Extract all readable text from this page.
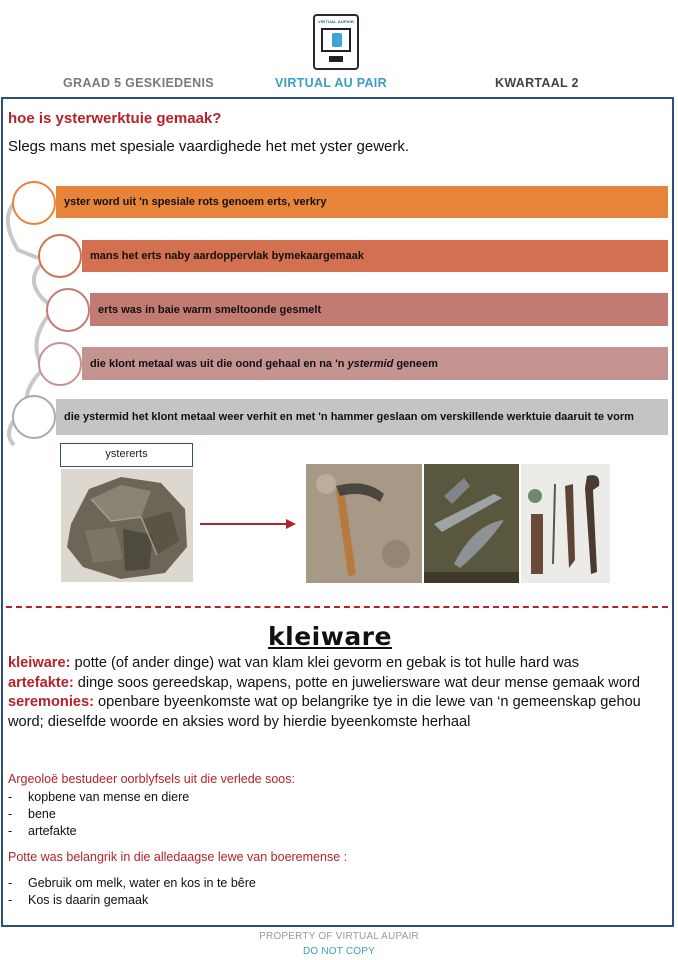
VIRTUAL AUPAIR
GRAAD 5 GESKIEDENIS	VIRTUAL AU PAIR	KWARTAAL 2
hoe is ysterwerktuie gemaak?
Slegs mans met spesiale vaardighede het met yster gewerk.
yster word uit 'n spesiale rots genoem erts, verkry
mans het erts naby aardoppervlak bymekaargemaak
erts was in baie warm smeltoonde gesmelt
die klont metaal was uit die oond gehaal en na 'n ystermid geneem
die ystermid het klont metaal weer verhit en met 'n hammer geslaan om verskillende werktuie daaruit te vorm
ystererts
kleiware
kleiware: potte (of ander dinge) wat van klam klei gevorm en gebak is tot hulle hard was
artefakte: dinge soos gereedskap, wapens, potte en juweliersware wat deur mense gemaak word
seremonies: openbare byeenkomste wat op belangrike tye in die lewe van ‘n gemeenskap gehou word; dieselfde woorde en aksies word by hierdie byeenkomste herhaal
Argeoloë bestudeer oorblyfsels uit die verlede soos:
-	kopbene van mense en diere
-	bene
-	artefakte
Potte was belangrik in die alledaagse lewe van boeremense :
-	Gebruik om melk, water en kos in te bêre
-	Kos is daarin gemaak
PROPERTY OF VIRTUAL AUPAIR
DO NOT COPY
